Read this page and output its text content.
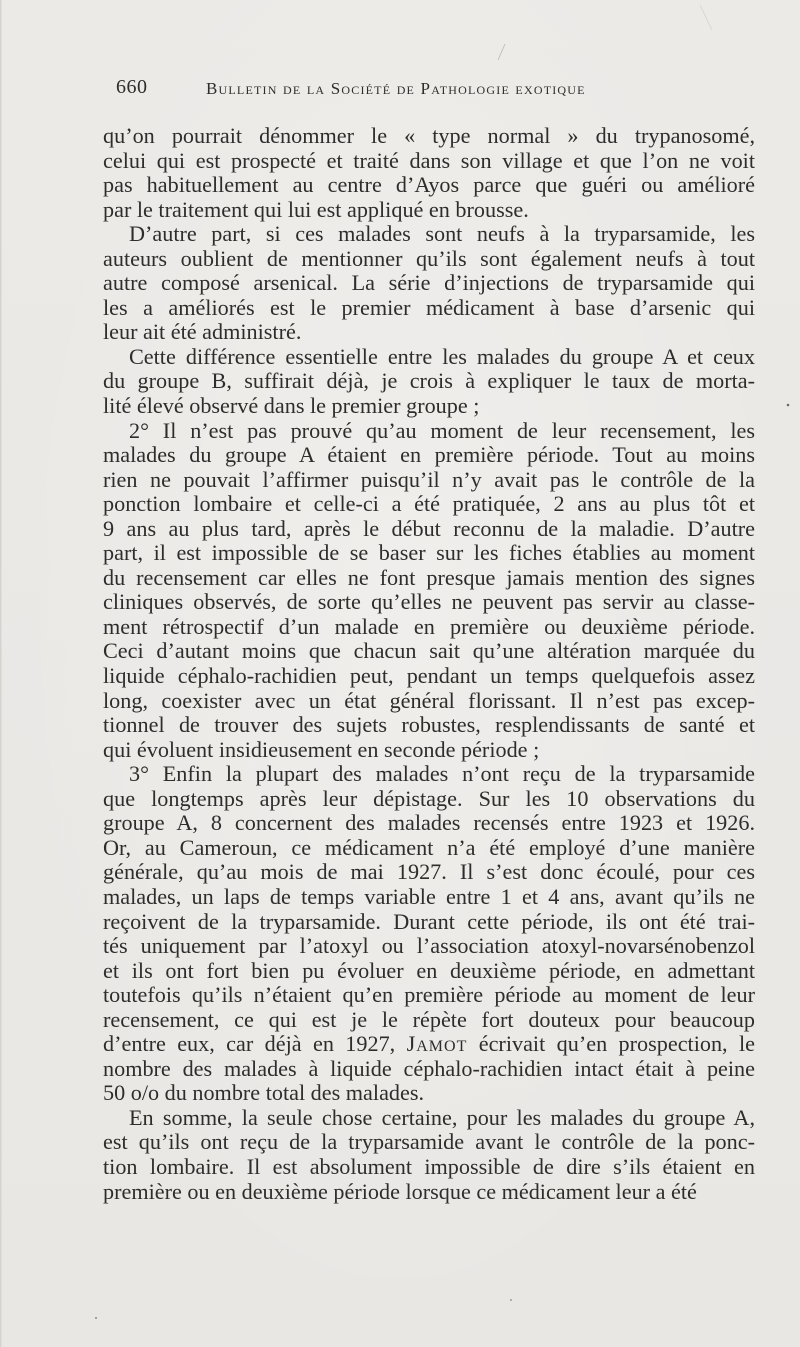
660	Bulletin de la Société de Pathologie exotique
qu’on pourrait dénommer le « type normal » du trypanosomé,
celui qui est prospecté et traité dans son village et que l’on ne voit
pas habituellement au centre d’Ayos parce que guéri ou amélioré
par le traitement qui lui est appliqué en brousse.
D’autre part, si ces malades sont neufs à la tryparsamide, les
auteurs oublient de mentionner qu’ils sont également neufs à tout
autre composé arsenical. La série d’injections de tryparsamide qui
les a améliorés est le premier médicament à base d’arsenic qui
leur ait été administré.
Cette différence essentielle entre les malades du groupe A et ceux
du groupe B, suffirait déjà, je crois à expliquer le taux de morta-
lité élevé observé dans le premier groupe ;
2° Il n’est pas prouvé qu’au moment de leur recensement, les
malades du groupe A étaient en première période. Tout au moins
rien ne pouvait l’affirmer puisqu’il n’y avait pas le contrôle de la
ponction lombaire et celle-ci a été pratiquée, 2 ans au plus tôt et
9 ans au plus tard, après le début reconnu de la maladie. D’autre
part, il est impossible de se baser sur les fiches établies au moment
du recensement car elles ne font presque jamais mention des signes
cliniques observés, de sorte qu’elles ne peuvent pas servir au classe-
ment rétrospectif d’un malade en première ou deuxième période.
Ceci d’autant moins que chacun sait qu’une altération marquée du
liquide céphalo-rachidien peut, pendant un temps quelquefois assez
long, coexister avec un état général florissant. Il n’est pas excep-
tionnel de trouver des sujets robustes, resplendissants de santé et
qui évoluent insidieusement en seconde période ;
3° Enfin la plupart des malades n’ont reçu de la tryparsamide
que longtemps après leur dépistage. Sur les 10 observations du
groupe A, 8 concernent des malades recensés entre 1923 et 1926.
Or, au Cameroun, ce médicament n’a été employé d’une manière
générale, qu’au mois de mai 1927. Il s’est donc écoulé, pour ces
malades, un laps de temps variable entre 1 et 4 ans, avant qu’ils ne
reçoivent de la tryparsamide. Durant cette période, ils ont été trai-
tés uniquement par l’atoxyl ou l’association atoxyl-novarsénobenzol
et ils ont fort bien pu évoluer en deuxième période, en admettant
toutefois qu’ils n’étaient qu’en première période au moment de leur
recensement, ce qui est je le répète fort douteux pour beaucoup
d’entre eux, car déjà en 1927, Jamot écrivait qu’en prospection, le
nombre des malades à liquide céphalo-rachidien intact était à peine
50 o/o du nombre total des malades.
En somme, la seule chose certaine, pour les malades du groupe A,
est qu’ils ont reçu de la tryparsamide avant le contrôle de la ponc-
tion lombaire. Il est absolument impossible de dire s’ils étaient en
première ou en deuxième période lorsque ce médicament leur a été
